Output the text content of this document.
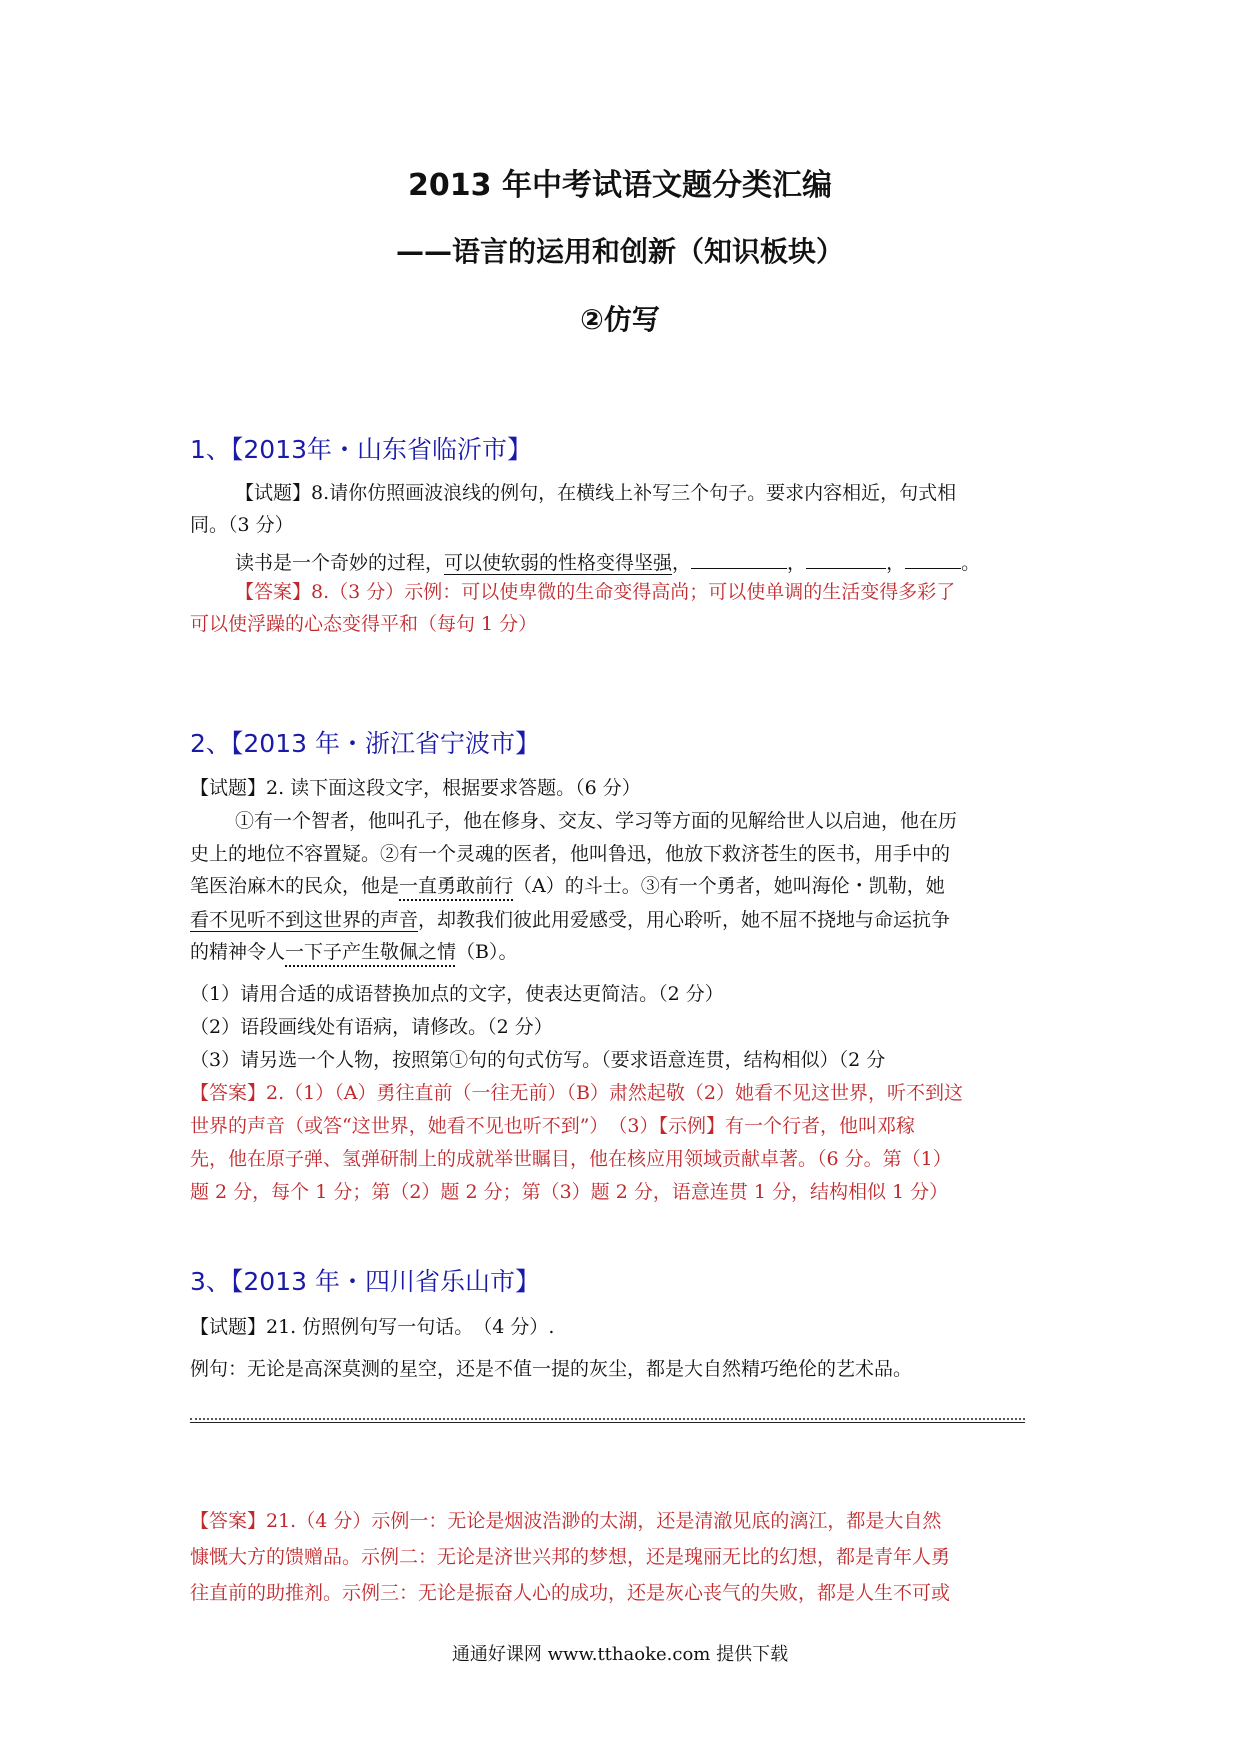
2013 年中考试语文题分类汇编
——语言的运用和创新（知识板块）
②仿写
1、【2013年・山东省临沂市】
【试题】8.请你仿照画波浪线的例句，在横线上补写三个句子。要求内容相近，句式相
同。（3 分）
读书是一个奇妙的过程，可以使软弱的性格变得坚强，	，	，	。
【答案】8.（3 分）示例：可以使卑微的生命变得高尚；可以使单调的生活变得多彩了
可以使浮躁的心态变得平和（每句 1 分）
2、【2013 年・浙江省宁波市】
【试题】2. 读下面这段文字，根据要求答题。（6 分）
①有一个智者，他叫孔子，他在修身、交友、学习等方面的见解给世人以启迪，他在历
史上的地位不容置疑。②有一个灵魂的医者，他叫鲁迅，他放下救济苍生的医书，用手中的
笔医治麻木的民众，他是一直勇敢前行（A）的斗士。③有一个勇者，她叫海伦・凯勒，她
看不见听不到这世界的声音，却教我们彼此用爱感受，用心聆听，她不屈不挠地与命运抗争
的精神令人一下子产生敬佩之情（B）。
（1）请用合适的成语替换加点的文字，使表达更简洁。（2 分）
（2）语段画线处有语病，请修改。（2 分）
（3）请另选一个人物，按照第①句的句式仿写。（要求语意连贯，结构相似）（2 分
【答案】2.（1）（A）勇往直前（一往无前）（B）肃然起敬（2）她看不见这世界，听不到这
世界的声音（或答“这世界，她看不见也听不到”）　（3）【示例】有一个行者，他叫邓稼
先，他在原子弹、氢弹研制上的成就举世瞩目，他在核应用领域贡献卓著。（6 分。第（1）
题 2 分，每个 1 分；第（2）题 2 分；第（3）题 2 分，语意连贯 1 分，结构相似 1 分）
3、【2013 年・四川省乐山市】
【试题】21. 仿照例句写一句话。　（4 分）.
例句：无论是高深莫测的星空，还是不值一提的灰尘，都是大自然精巧绝伦的艺术品。
【答案】21.（4 分）示例一：无论是烟波浩渺的太湖，还是清澈见底的漓江，都是大自然
慷慨大方的馈赠品。示例二：无论是济世兴邦的梦想，还是瑰丽无比的幻想，都是青年人勇
往直前的助推剂。示例三：无论是振奋人心的成功，还是灰心丧气的失败，都是人生不可或
通通好课网 www.tthaoke.com 提供下载
